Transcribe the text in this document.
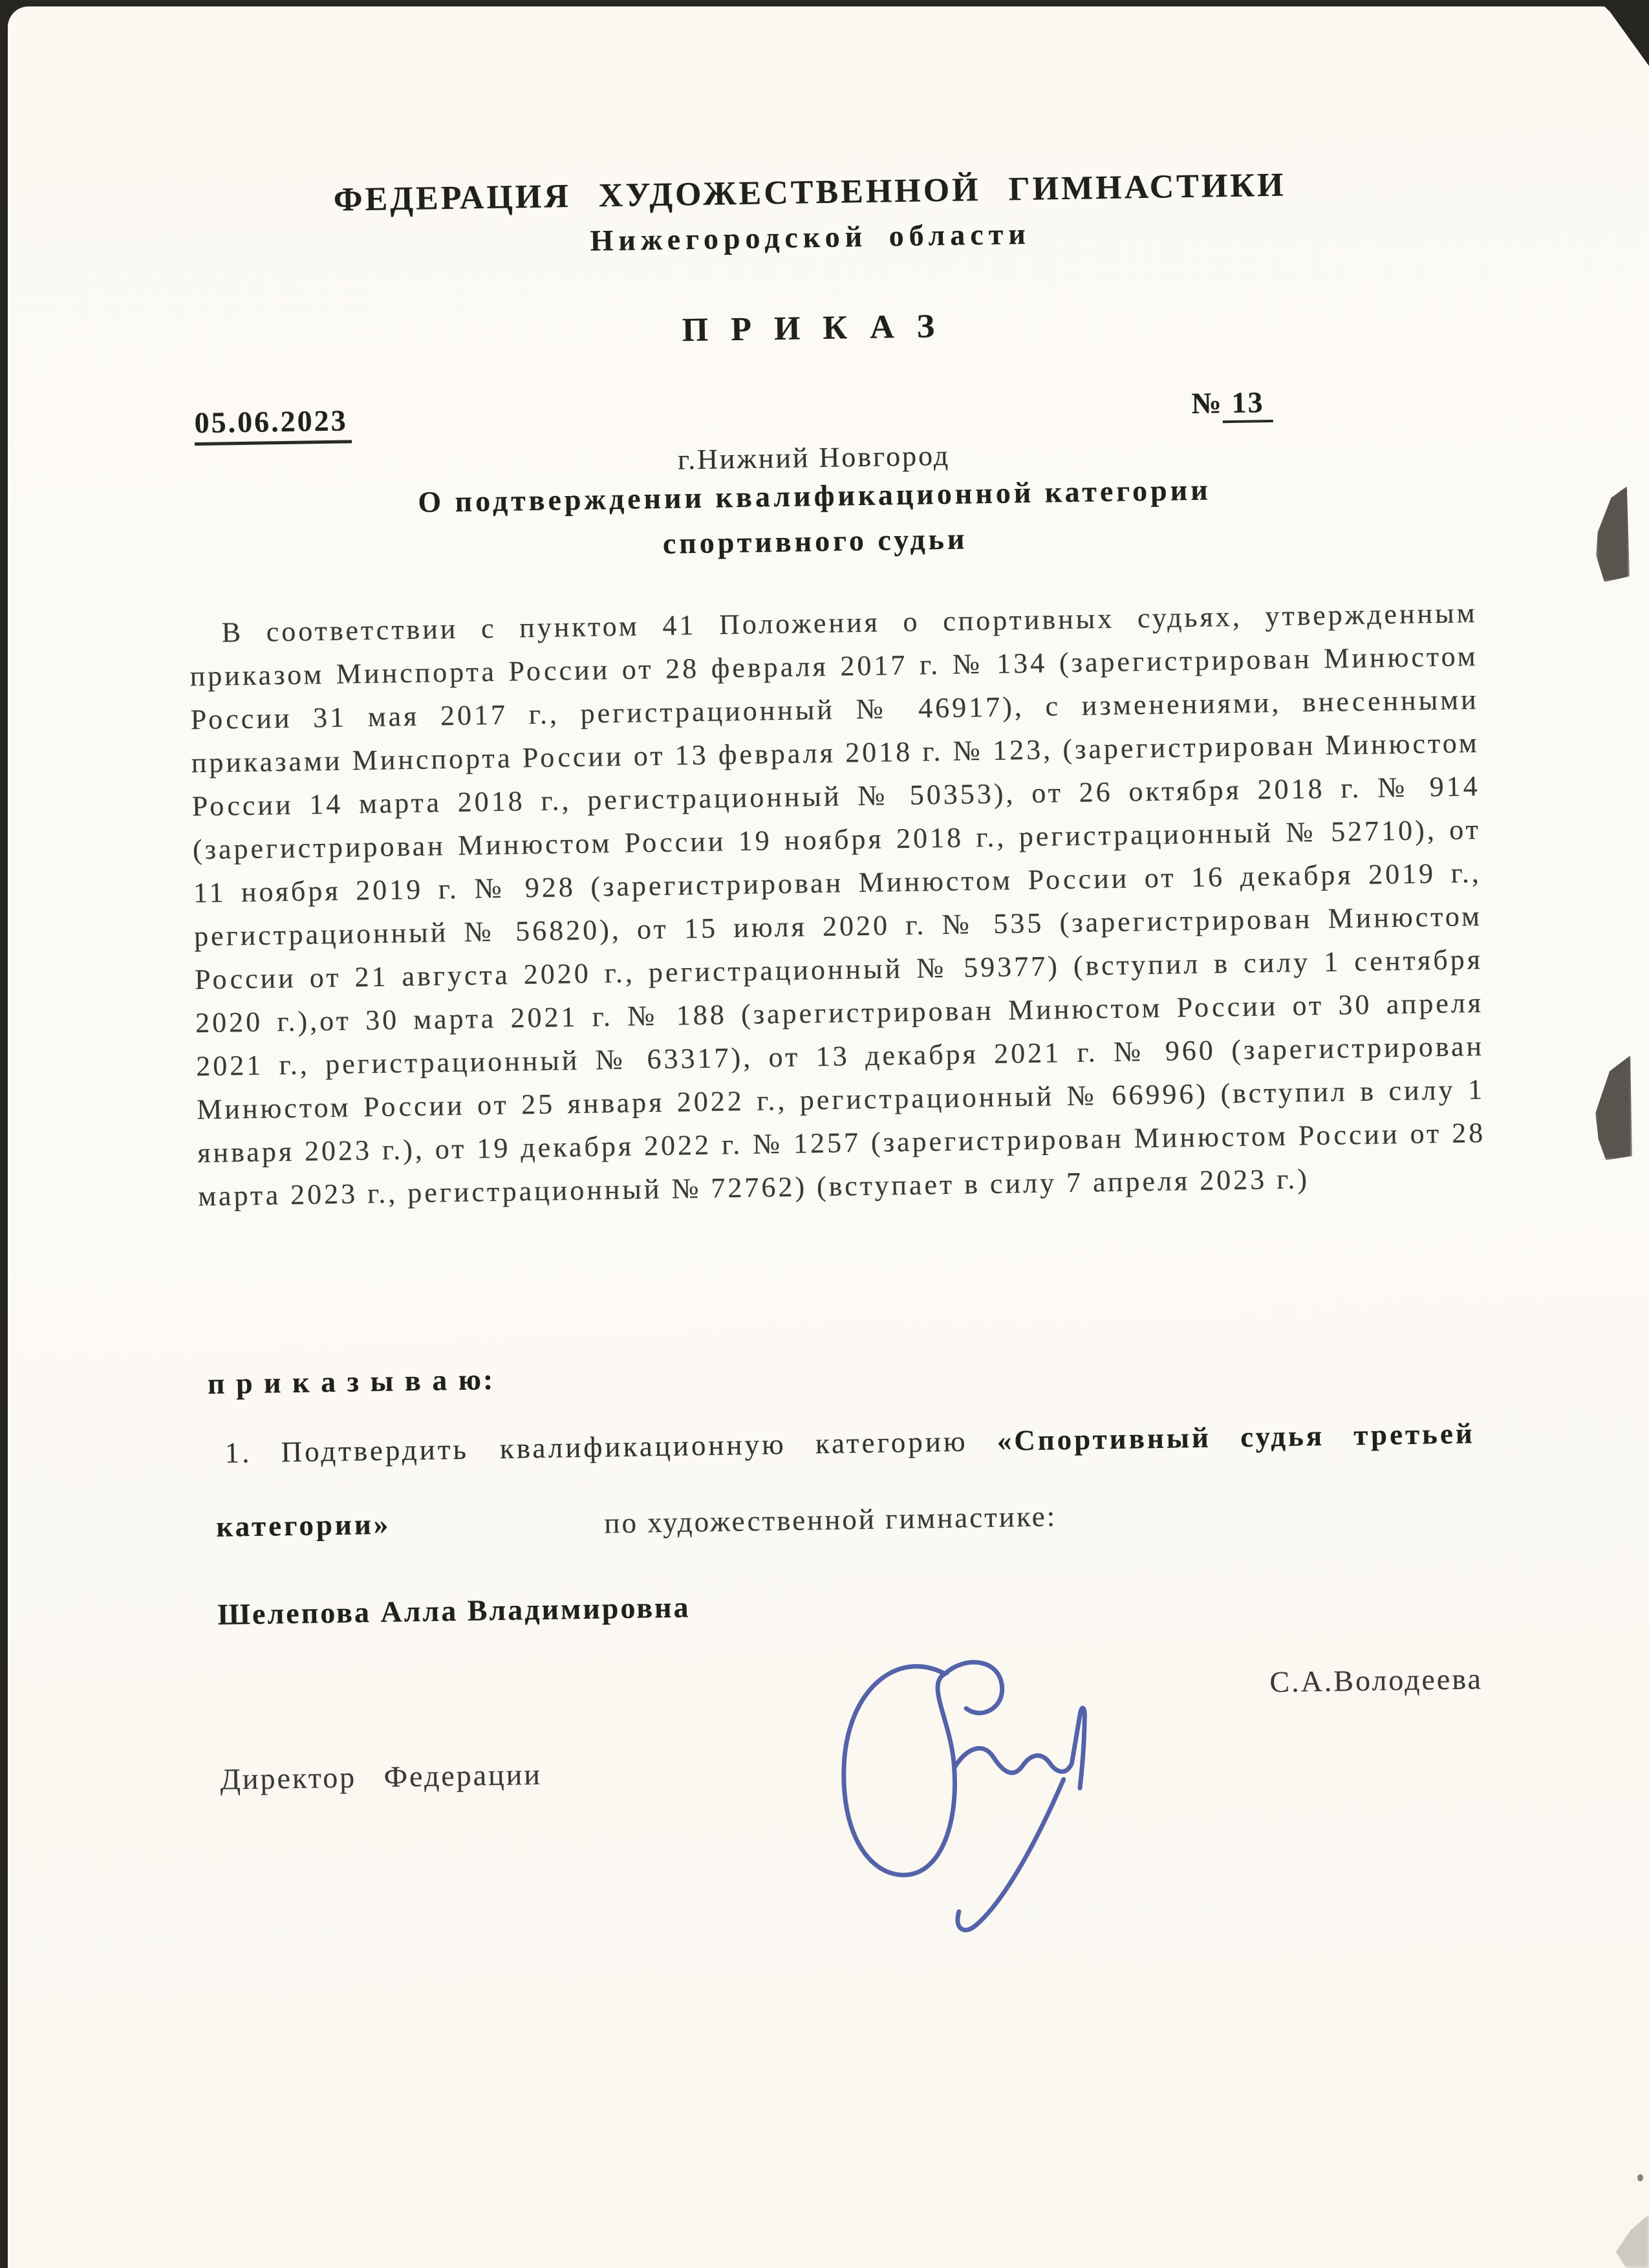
ФЕДЕРАЦИЯ ХУДОЖЕСТВЕННОЙ ГИМНАСТИКИ
Нижегородской области
П Р И К А З
05.06.2023
№ 13
г.Нижний Новгород
О подтверждении квалификационной категории
спортивного судьи
В соответствии с пунктом 41 Положения о спортивных судьях, утвержденным приказом Минспорта России от 28 февраля 2017 г. № 134 (зарегистрирован Минюстом России 31 мая 2017 г., регистрационный № 46917), с изменениями, внесенными приказами Минспорта России от 13 февраля 2018 г. № 123, (зарегистрирован Минюстом России 14 марта 2018 г., регистрационный № 50353), от 26 октября 2018 г. № 914 (зарегистрирован Минюстом России 19 ноября 2018 г., регистрационный № 52710), от 11 ноября 2019 г. № 928 (зарегистрирован Минюстом России от 16 декабря 2019 г., регистрационный № 56820), от 15 июля 2020 г. № 535 (зарегистрирован Минюстом России от 21 августа 2020 г., регистрационный № 59377) (вступил в силу 1 сентября 2020 г.),от 30 марта 2021 г. № 188 (зарегистрирован Минюстом России от 30 апреля 2021 г., регистрационный № 63317), от 13 декабря 2021 г. № 960 (зарегистрирован Минюстом России от 25 января 2022 г., регистрационный № 66996) (вступил в силу 1 января 2023 г.), от 19 декабря 2022 г. № 1257 (зарегистрирован Минюстом России от 28 марта 2023 г., регистрационный № 72762) (вступает в силу 7 апреля 2023 г.)
п р и к а з ы в а ю:
1. Подтвердить квалификационную категорию «Спортивный судья третьей
категории»	по художественной гимнастике:
Шелепова Алла Владимировна
Директор Федерации
С.А.Володеева
